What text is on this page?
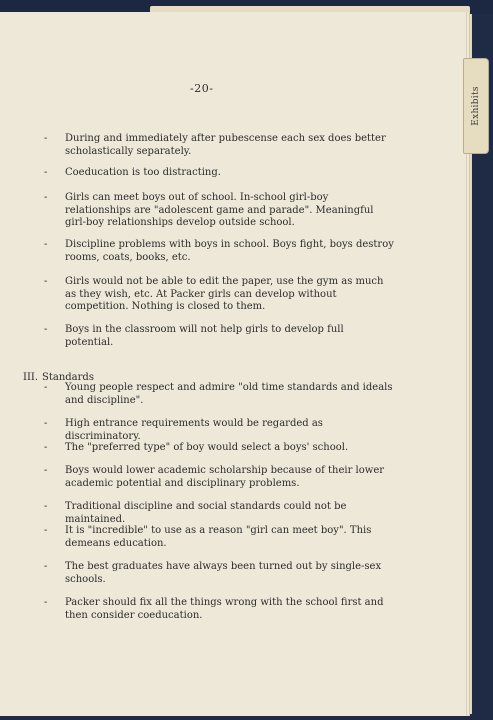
-20-
- During and immediately after pubescense each sex does better scholastically separately.

- Coeducation is too distracting.

- Girls can meet boys out of school. In-school girl-boy relationships are "adolescent game and parade". Meaningful girl-boy relationships develop outside school.

- Discipline problems with boys in school. Boys fight, boys destroy rooms, coats, books, etc.

- Girls would not be able to edit the paper, use the gym as much as they wish, etc. At Packer girls can develop without competition. Nothing is closed to them.

- Boys in the classroom will not help girls to develop full potential.

III. Standards
- Young people respect and admire "old time standards and ideals and discipline".

- High entrance requirements would be regarded as discriminatory.

- The "preferred type" of boy would select a boys' school.

- Boys would lower academic scholarship because of their lower academic potential and disciplinary problems.

- Traditional discipline and social standards could not be maintained.

- It is "incredible" to use as a reason "girl can meet boy". This demeans education.

- The best graduates have always been turned out by single-sex schools.

- Packer should fix all the things wrong with the school first and then consider coeducation.

Exhibits
